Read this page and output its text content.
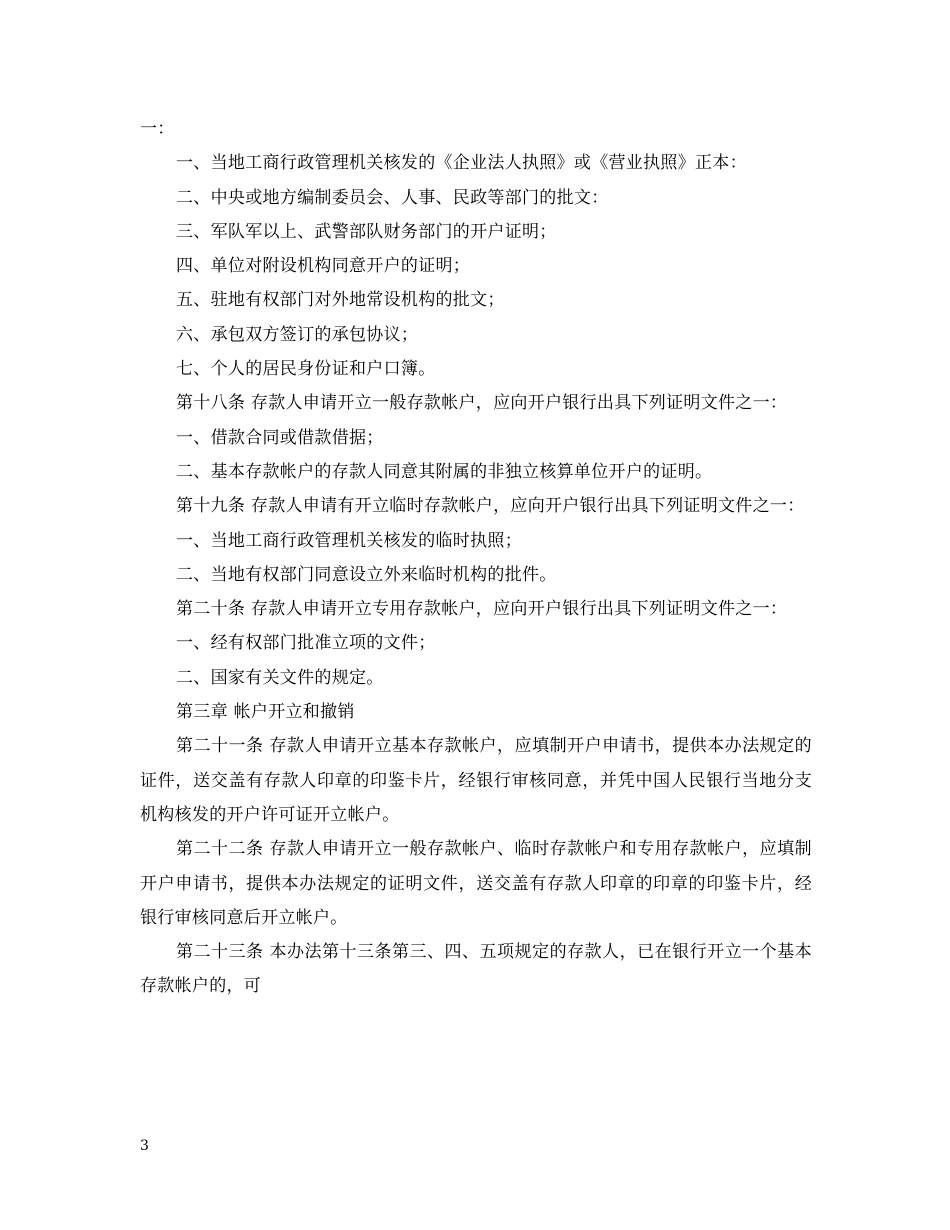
一：

一、当地工商行政管理机关核发的《企业法人执照》或《营业执照》正本：

二、中央或地方编制委员会、人事、民政等部门的批文：

三、军队军以上、武警部队财务部门的开户证明；

四、单位对附设机构同意开户的证明；

五、驻地有权部门对外地常设机构的批文；

六、承包双方签订的承包协议；

七、个人的居民身份证和户口簿。

第十八条 存款人申请开立一般存款帐户，应向开户银行出具下列证明文件之一：

一、借款合同或借款借据；

二、基本存款帐户的存款人同意其附属的非独立核算单位开户的证明。

第十九条 存款人申请有开立临时存款帐户，应向开户银行出具下列证明文件之一：

一、当地工商行政管理机关核发的临时执照；

二、当地有权部门同意设立外来临时机构的批件。

第二十条 存款人申请开立专用存款帐户，应向开户银行出具下列证明文件之一：

一、经有权部门批准立项的文件；

二、国家有关文件的规定。

第三章 帐户开立和撤销

第二十一条 存款人申请开立基本存款帐户，应填制开户申请书，提供本办法规定的证件，送交盖有存款人印章的印鉴卡片，经银行审核同意，并凭中国人民银行当地分支机构核发的开户许可证开立帐户。

第二十二条 存款人申请开立一般存款帐户、临时存款帐户和专用存款帐户，应填制开户申请书，提供本办法规定的证明文件，送交盖有存款人印章的印章的印鉴卡片，经银行审核同意后开立帐户。

第二十三条 本办法第十三条第三、四、五项规定的存款人，已在银行开立一个基本存款帐户的，可

3
